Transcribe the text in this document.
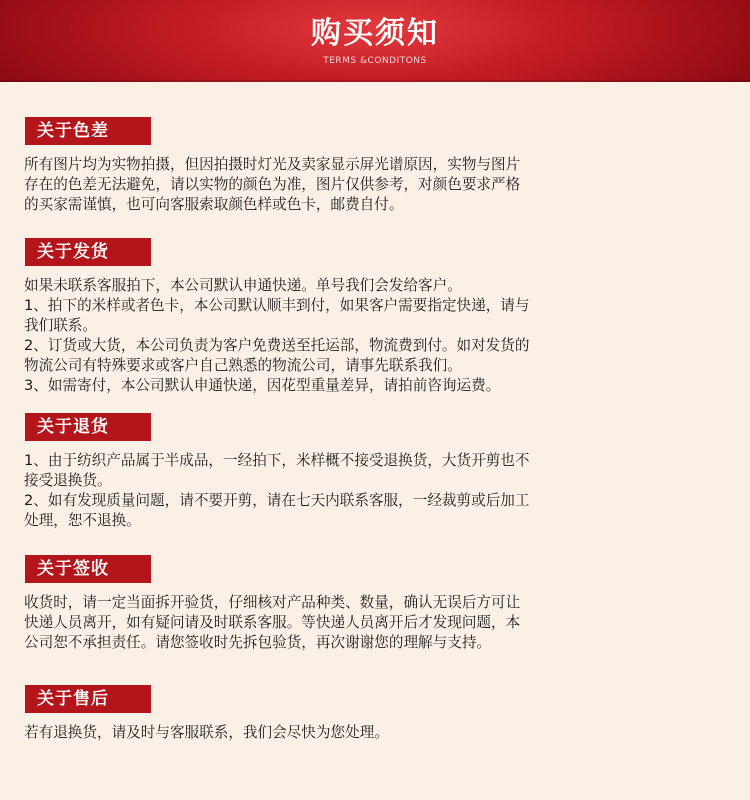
购买须知
TERMS &CONDITONS
关于色差

所有图片均为实物拍摄，但因拍摄时灯光及卖家显示屏光谱原因，实物与图片

存在的色差无法避免，请以实物的颜色为准，图片仅供参考，对颜色要求严格

的买家需谨慎，也可向客服索取颜色样或色卡，邮费自付。

关于发货

如果未联系客服拍下，本公司默认申通快递。单号我们会发给客户。

1、拍下的米样或者色卡，本公司默认顺丰到付，如果客户需要指定快递，请与

我们联系。

2、订货或大货，本公司负责为客户免费送至托运部，物流费到付。如对发货的

物流公司有特殊要求或客户自己熟悉的物流公司，请事先联系我们。

3、如需寄付，本公司默认申通快递，因花型重量差异，请拍前咨询运费。

关于退货

1、由于纺织产品属于半成品，一经拍下，米样概不接受退换货，大货开剪也不

接受退换货。

2、如有发现质量问题，请不要开剪，请在七天内联系客服，一经裁剪或后加工

处理，恕不退换。

关于签收

收货时，请一定当面拆开验货，仔细核对产品种类、数量，确认无误后方可让

快递人员离开，如有疑问请及时联系客服。等快递人员离开后才发现问题，本

公司恕不承担责任。请您签收时先拆包验货，再次谢谢您的理解与支持。

关于售后

若有退换货，请及时与客服联系，我们会尽快为您处理。
